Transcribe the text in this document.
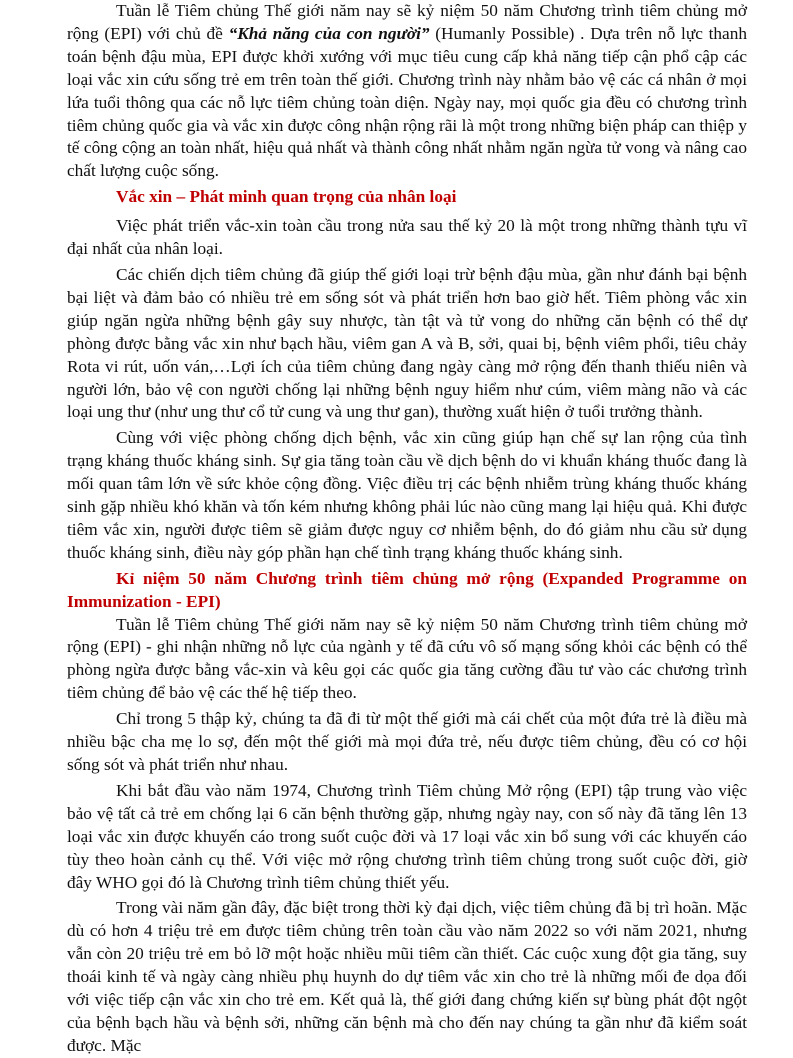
Tuần lễ Tiêm chủng Thế giới năm nay sẽ kỷ niệm 50 năm Chương trình tiêm chủng mở rộng (EPI) với chủ đề “Khả năng của con người” (Humanly Possible) . Dựa trên nỗ lực thanh toán bệnh đậu mùa, EPI được khởi xướng với mục tiêu cung cấp khả năng tiếp cận phổ cập các loại vắc xin cứu sống trẻ em trên toàn thế giới. Chương trình này nhằm bảo vệ các cá nhân ở mọi lứa tuổi thông qua các nỗ lực tiêm chủng toàn diện. Ngày nay, mọi quốc gia đều có chương trình tiêm chủng quốc gia và vắc xin được công nhận rộng rãi là một trong những biện pháp can thiệp y tế công cộng an toàn nhất, hiệu quả nhất và thành công nhất nhằm ngăn ngừa tử vong và nâng cao chất lượng cuộc sống.

Vắc xin – Phát minh quan trọng của nhân loại

Việc phát triển vắc-xin toàn cầu trong nửa sau thế kỷ 20 là một trong những thành tựu vĩ đại nhất của nhân loại.

Các chiến dịch tiêm chủng đã giúp thế giới loại trừ bệnh đậu mùa, gần như đánh bại bệnh bại liệt và đảm bảo có nhiều trẻ em sống sót và phát triển hơn bao giờ hết. Tiêm phòng vắc xin giúp ngăn ngừa những bệnh gây suy nhược, tàn tật và tử vong do những căn bệnh có thể dự phòng được bằng vắc xin như bạch hầu, viêm gan A và B, sởi, quai bị, bệnh viêm phổi, tiêu chảy Rota vi rút, uốn ván,…Lợi ích của tiêm chủng đang ngày càng mở rộng đến thanh thiếu niên và người lớn, bảo vệ con người chống lại những bệnh nguy hiểm như cúm, viêm màng não và các loại ung thư (như ung thư cổ tử cung và ung thư gan), thường xuất hiện ở tuổi trưởng thành.

Cùng với việc phòng chống dịch bệnh, vắc xin cũng giúp hạn chế sự lan rộng của tình trạng kháng thuốc kháng sinh. Sự gia tăng toàn cầu về dịch bệnh do vi khuẩn kháng thuốc đang là mối quan tâm lớn về sức khỏe cộng đồng. Việc điều trị các bệnh nhiễm trùng kháng thuốc kháng sinh gặp nhiều khó khăn và tốn kém nhưng không phải lúc nào cũng mang lại hiệu quả. Khi được tiêm vắc xin, người được tiêm sẽ giảm được nguy cơ nhiễm bệnh, do đó giảm nhu cầu sử dụng thuốc kháng sinh, điều này góp phần hạn chế tình trạng kháng thuốc kháng sinh.

Kỉ niệm 50 năm Chương trình tiêm chủng mở rộng (Expanded Programme on Immunization - EPI)

Tuần lễ Tiêm chủng Thế giới năm nay sẽ kỷ niệm 50 năm Chương trình tiêm chủng mở rộng (EPI) - ghi nhận những nỗ lực của ngành y tế đã cứu vô số mạng sống khỏi các bệnh có thể phòng ngừa được bằng vắc-xin và kêu gọi các quốc gia tăng cường đầu tư vào các chương trình tiêm chủng để bảo vệ các thế hệ tiếp theo.

Chỉ trong 5 thập kỷ, chúng ta đã đi từ một thế giới mà cái chết của một đứa trẻ là điều mà nhiều bậc cha mẹ lo sợ, đến một thế giới mà mọi đứa trẻ, nếu được tiêm chủng, đều có cơ hội sống sót và phát triển như nhau.

Khi bắt đầu vào năm 1974, Chương trình Tiêm chủng Mở rộng (EPI) tập trung vào việc bảo vệ tất cả trẻ em chống lại 6 căn bệnh thường gặp, nhưng ngày nay, con số này đã tăng lên 13 loại vắc xin được khuyến cáo trong suốt cuộc đời và 17 loại vắc xin bổ sung với các khuyến cáo tùy theo hoàn cảnh cụ thể. Với việc mở rộng chương trình tiêm chủng trong suốt cuộc đời, giờ đây WHO gọi đó là Chương trình tiêm chủng thiết yếu.

Trong vài năm gần đây, đặc biệt trong thời kỳ đại dịch, việc tiêm chủng đã bị trì hoãn. Mặc dù có hơn 4 triệu trẻ em được tiêm chủng trên toàn cầu vào năm 2022 so với năm 2021, nhưng vẫn còn 20 triệu trẻ em bỏ lỡ một hoặc nhiều mũi tiêm cần thiết. Các cuộc xung đột gia tăng, suy thoái kinh tế và ngày càng nhiều phụ huynh do dự tiêm vắc xin cho trẻ là những mối đe dọa đối với việc tiếp cận vắc xin cho trẻ em. Kết quả là, thế giới đang chứng kiến sự bùng phát đột ngột của bệnh bạch hầu và bệnh sởi, những căn bệnh mà cho đến nay chúng ta gần như đã kiểm soát được. Mặc
